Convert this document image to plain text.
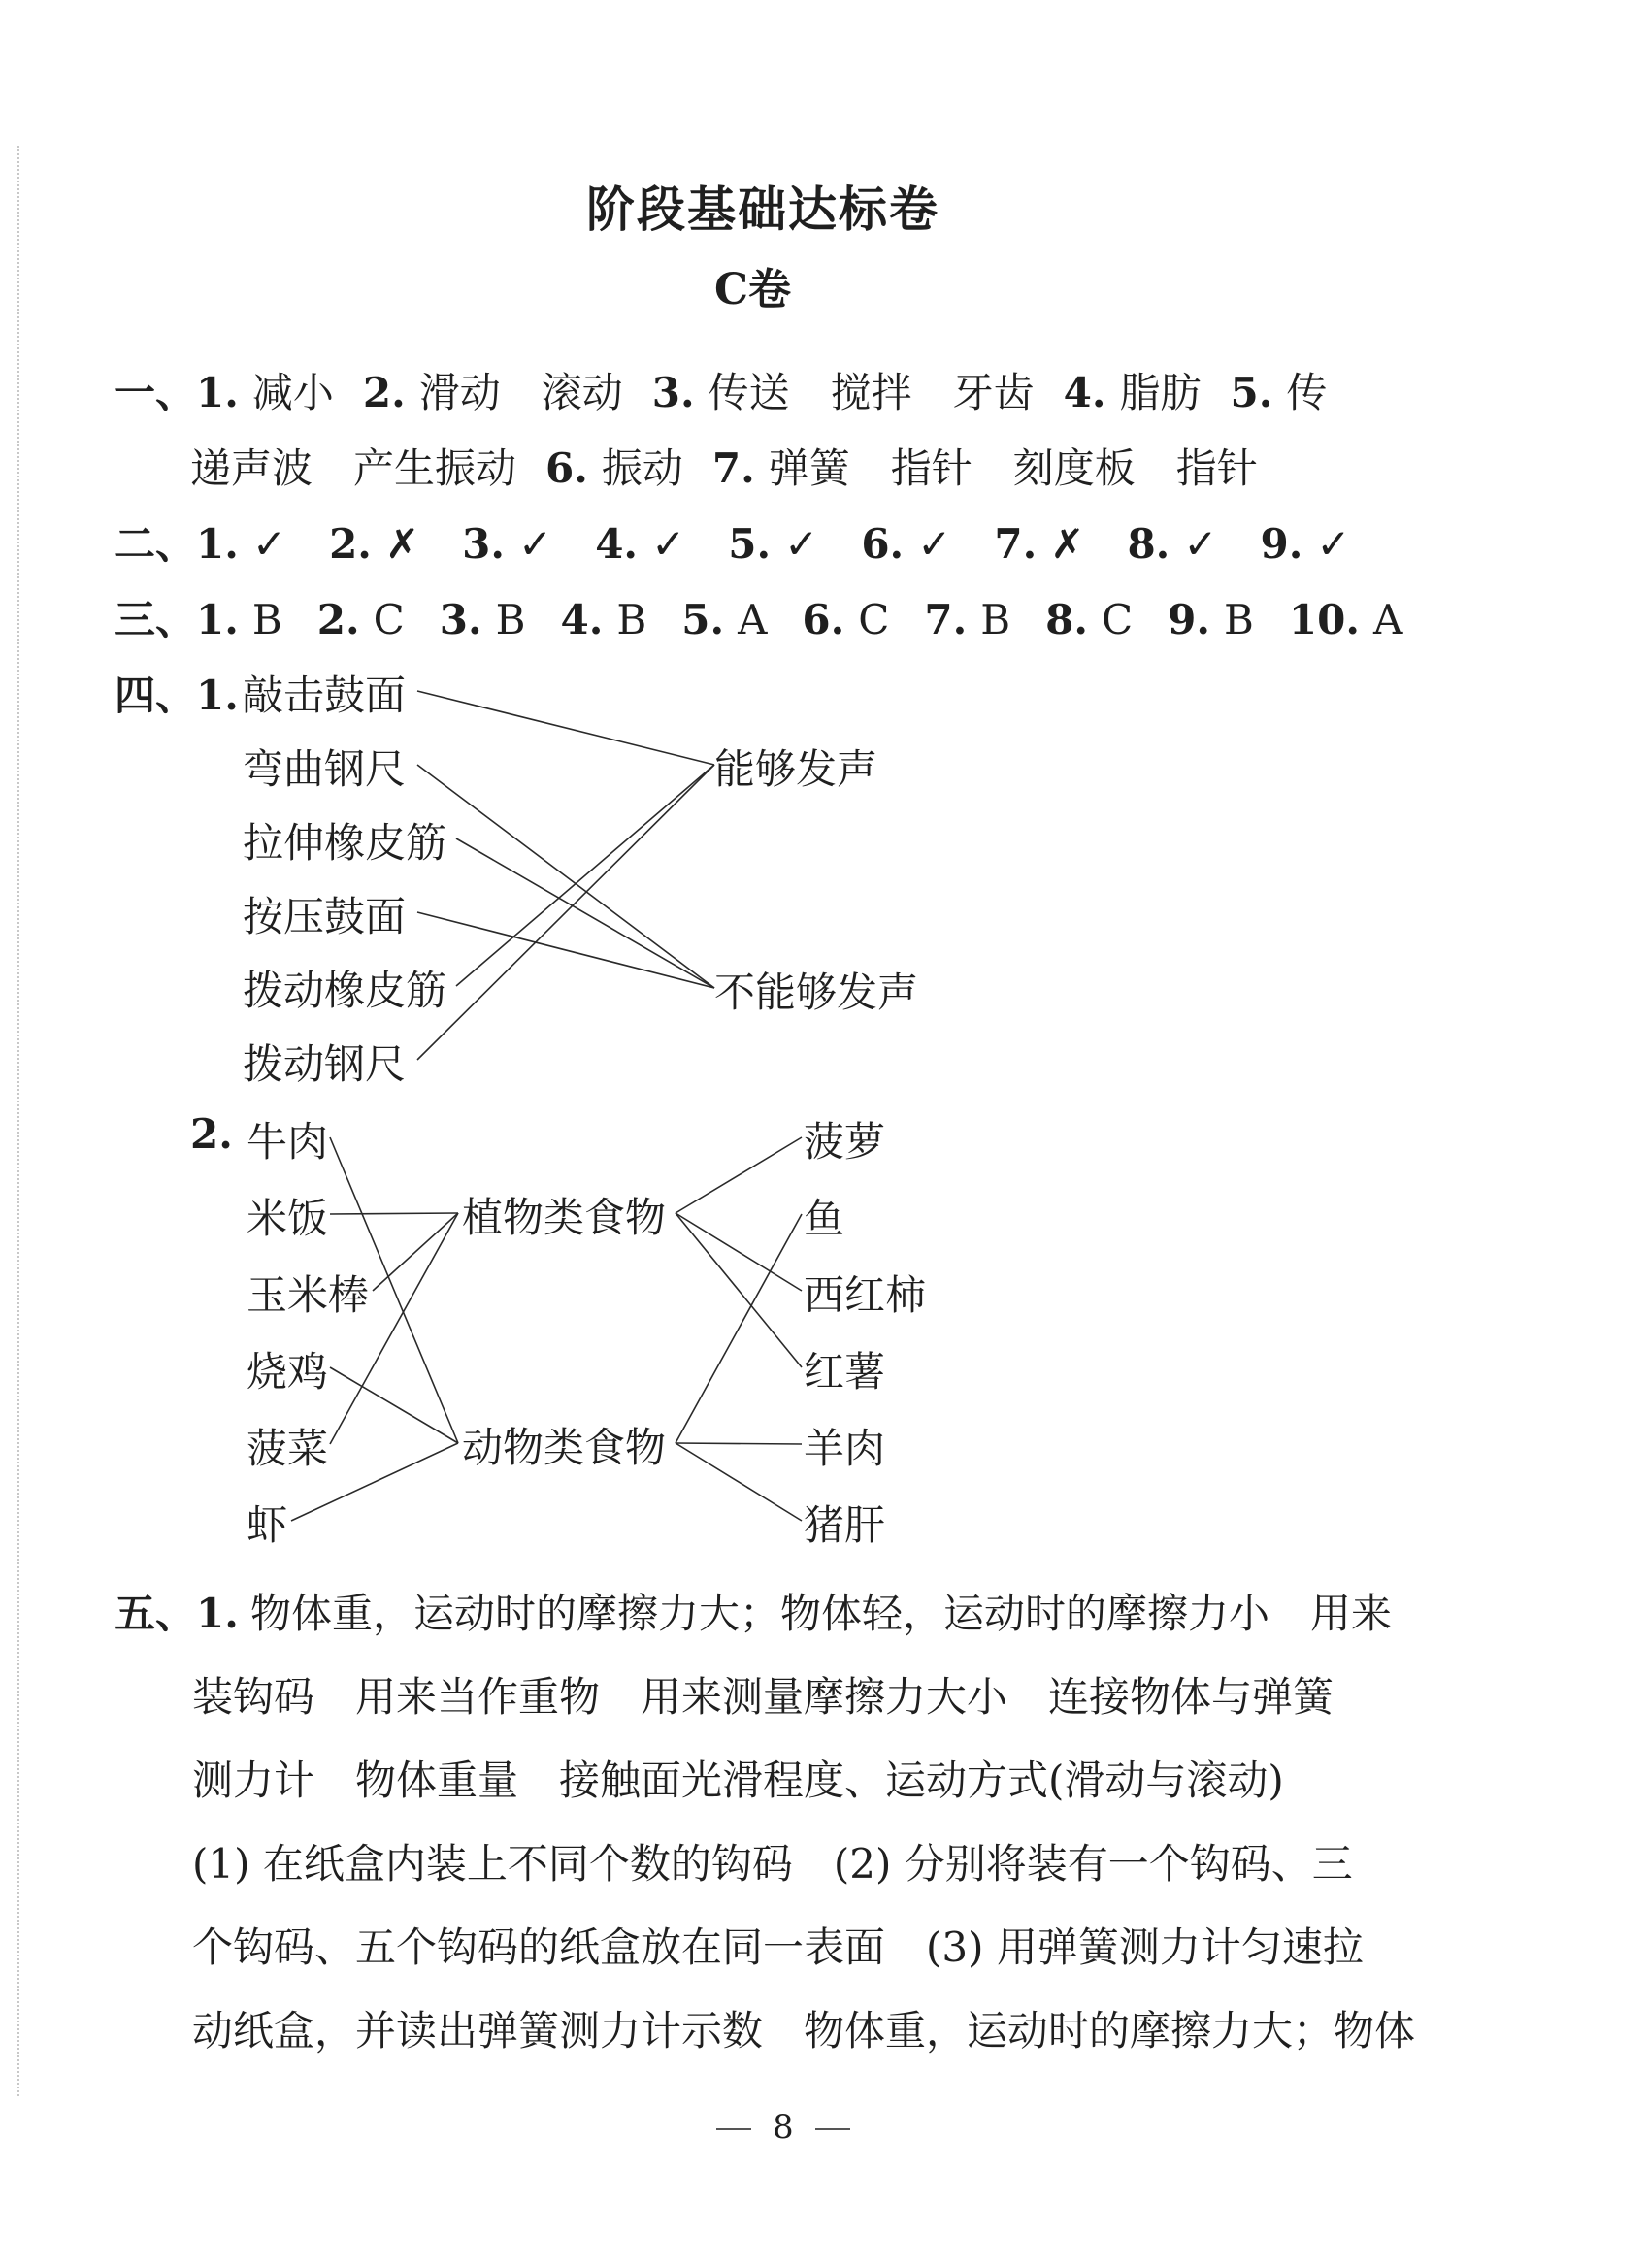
阶段基础达标卷
C卷
一、1. 减小 2. 滑动　滚动 3. 传送　搅拌　牙齿 4. 脂肪 5. 传
递声波　产生振动 6. 振动 7. 弹簧　指针　刻度板　指针
二、1. ✓ 2. ✗ 3. ✓ 4. ✓ 5. ✓ 6. ✓ 7. ✗ 8. ✓ 9. ✓
三、1. B 2. C 3. B 4. B 5. A 6. C 7. B 8. C 9. B 10. A
四、1. 敲击鼓面
弯曲钢尺
拉伸橡皮筋
按压鼓面
拨动橡皮筋
拨动钢尺
能够发声
不能够发声
2. 牛肉
米饭
玉米棒
烧鸡
菠菜
虾
植物类食物
动物类食物
菠萝
鱼
西红柿
红薯
羊肉
猪肝
五、1. 物体重，运动时的摩擦力大；物体轻，运动时的摩擦力小　用来
装钩码　用来当作重物　用来测量摩擦力大小　连接物体与弹簧
测力计　物体重量　接触面光滑程度、运动方式(滑动与滚动)
(1) 在纸盒内装上不同个数的钩码　(2) 分别将装有一个钩码、三
个钩码、五个钩码的纸盒放在同一表面　(3) 用弹簧测力计匀速拉
动纸盒，并读出弹簧测力计示数　物体重，运动时的摩擦力大；物体
8
